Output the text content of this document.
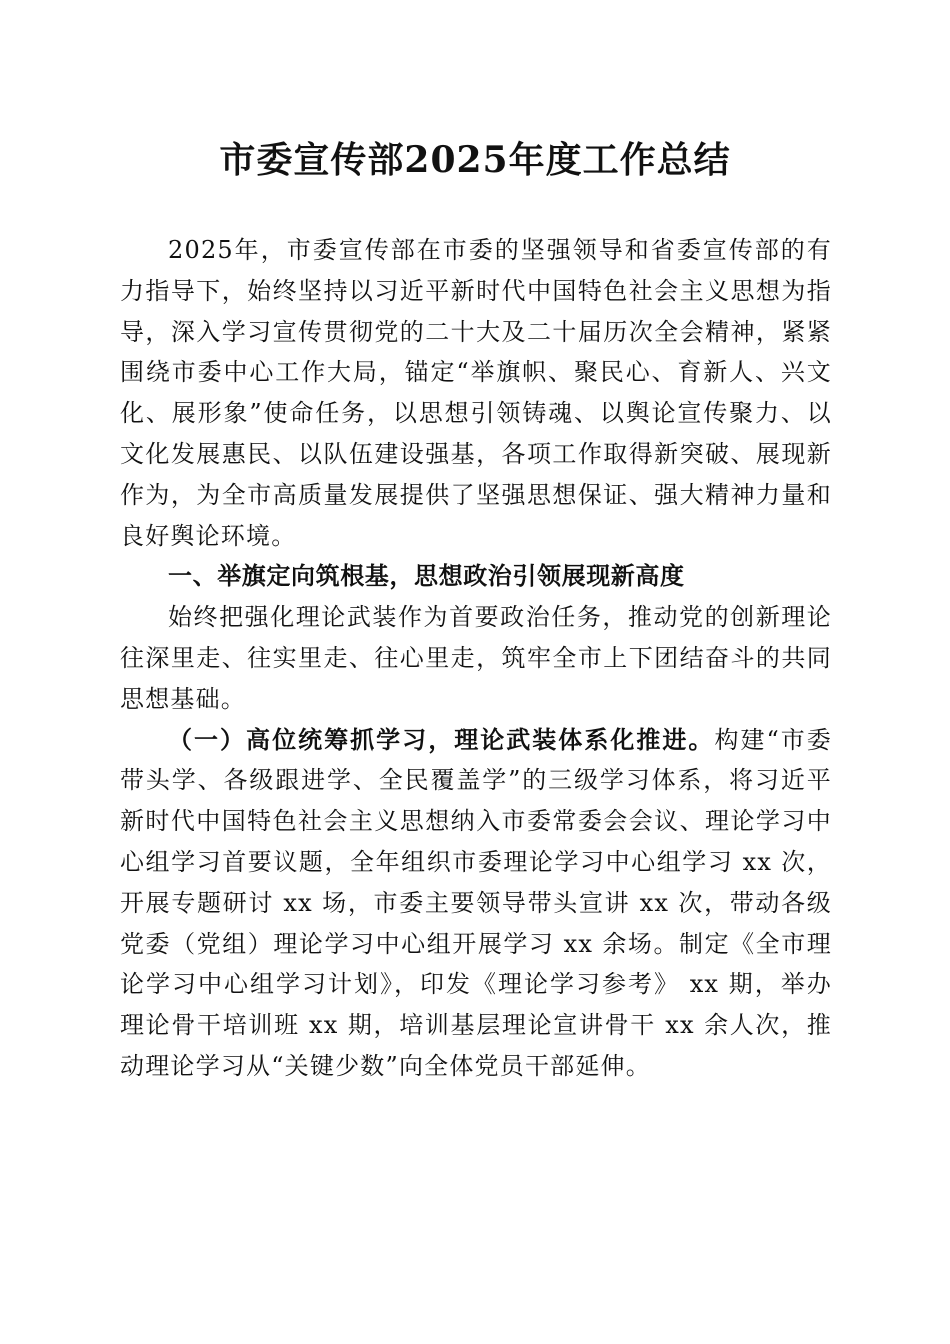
市委宣传部2025年度工作总结

2025年，市委宣传部在市委的坚强领导和省委宣传部的有力指导下，始终坚持以习近平新时代中国特色社会主义思想为指导，深入学习宣传贯彻党的二十大及二十届历次全会精神，紧紧围绕市委中心工作大局，锚定“举旗帜、聚民心、育新人、兴文化、展形象”使命任务，以思想引领铸魂、以舆论宣传聚力、以文化发展惠民、以队伍建设强基，各项工作取得新突破、展现新作为，为全市高质量发展提供了坚强思想保证、强大精神力量和良好舆论环境。

一、举旗定向筑根基，思想政治引领展现新高度

始终把强化理论武装作为首要政治任务，推动党的创新理论往深里走、往实里走、往心里走，筑牢全市上下团结奋斗的共同思想基础。

（一）高位统筹抓学习，理论武装体系化推进。构建“市委带头学、各级跟进学、全民覆盖学”的三级学习体系，将习近平新时代中国特色社会主义思想纳入市委常委会会议、理论学习中心组学习首要议题，全年组织市委理论学习中心组学习 xx 次，开展专题研讨 xx 场，市委主要领导带头宣讲 xx 次，带动各级党委（党组）理论学习中心组开展学习 xx 余场。制定《全市理论学习中心组学习计划》，印发《理论学习参考》 xx 期，举办理论骨干培训班 xx 期，培训基层理论宣讲骨干 xx 余人次，推动理论学习从“关键少数”向全体党员干部延伸。
